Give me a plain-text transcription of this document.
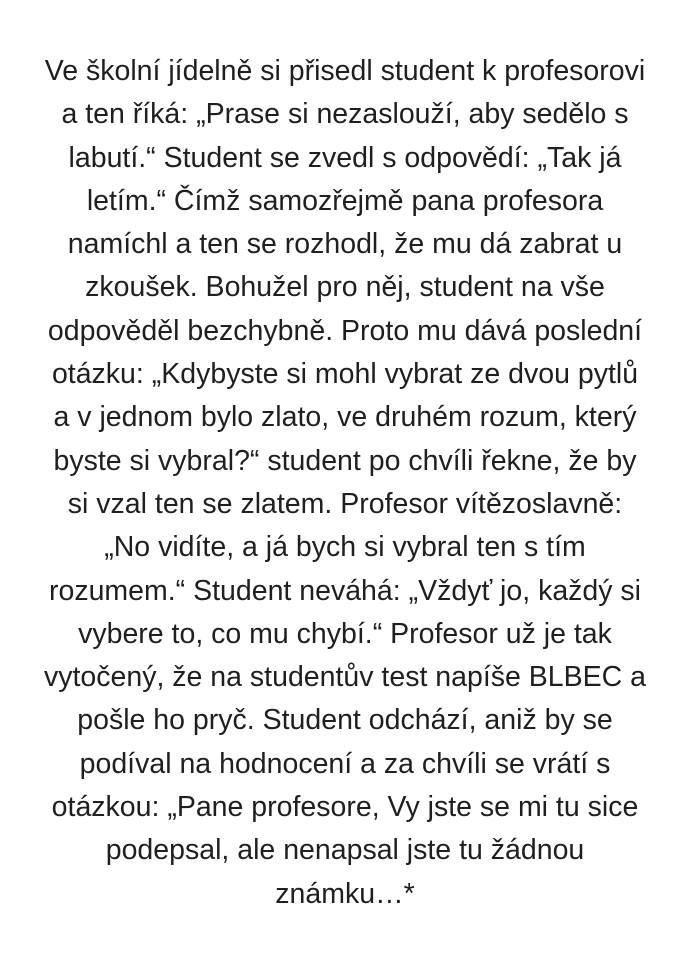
Ve školní jídelně si přisedl student k profesorovi
a ten říká: „Prase si nezaslouží, aby sedělo s
labutí.“ Student se zvedl s odpovědí: „Tak já
letím.“ Čímž samozřejmě pana profesora
namíchl a ten se rozhodl, že mu dá zabrat u
zkoušek. Bohužel pro něj, student na vše
odpověděl bezchybně. Proto mu dává poslední
otázku: „Kdybyste si mohl vybrat ze dvou pytlů
a v jednom bylo zlato, ve druhém rozum, který
byste si vybral?“ student po chvíli řekne, že by
si vzal ten se zlatem. Profesor vítězoslavně:
„No vidíte, a já bych si vybral ten s tím
rozumem.“ Student neváhá: „Vždyť jo, každý si
vybere to, co mu chybí.“ Profesor už je tak
vytočený, že na studentův test napíše BLBEC a
pošle ho pryč. Student odchází, aniž by se
podíval na hodnocení a za chvíli se vrátí s
otázkou: „Pane profesore, Vy jste se mi tu sice
podepsal, ale nenapsal jste tu žádnou
známku…*
